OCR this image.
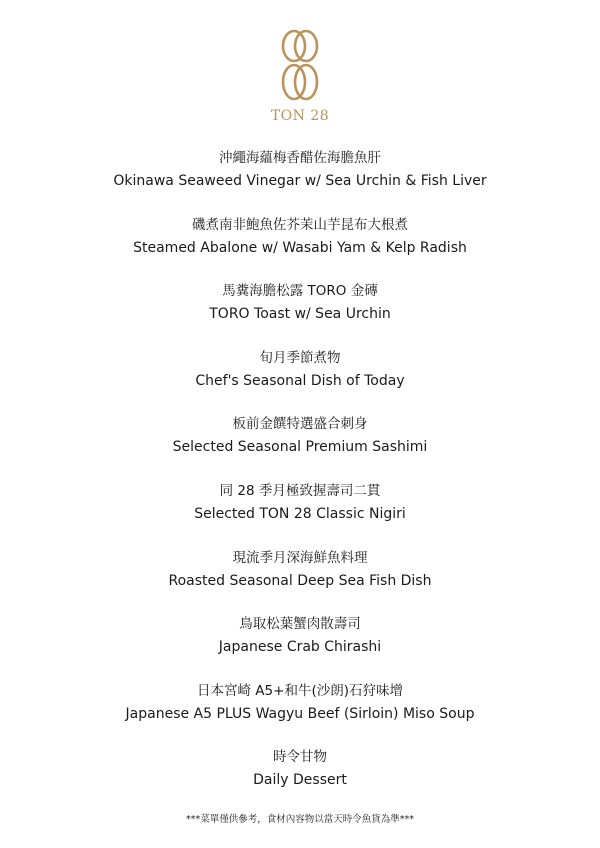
TON 28
沖繩海蘊梅香醋佐海膽魚肝
Okinawa Seaweed Vinegar w/ Sea Urchin & Fish Liver
磯煮南非鮑魚佐芥茉山芋昆布大根煮
Steamed Abalone w/ Wasabi Yam & Kelp Radish
馬糞海膽松露 TORO 金磚
TORO Toast w/ Sea Urchin
旬月季節煮物
Chef's Seasonal Dish of Today
板前金饌特選盛合刺身
Selected Seasonal Premium Sashimi
同 28 季月極致握壽司二貫
Selected TON 28 Classic Nigiri
現流季月深海鮮魚料理
Roasted Seasonal Deep Sea Fish Dish
鳥取松葉蟹肉散壽司
Japanese Crab Chirashi
日本宮崎 A5+和牛(沙朗)石狩味增
Japanese A5 PLUS Wagyu Beef (Sirloin) Miso Soup
時令甘物
Daily Dessert
***菜單僅供參考，食材內容物以當天時令魚貨為準***
